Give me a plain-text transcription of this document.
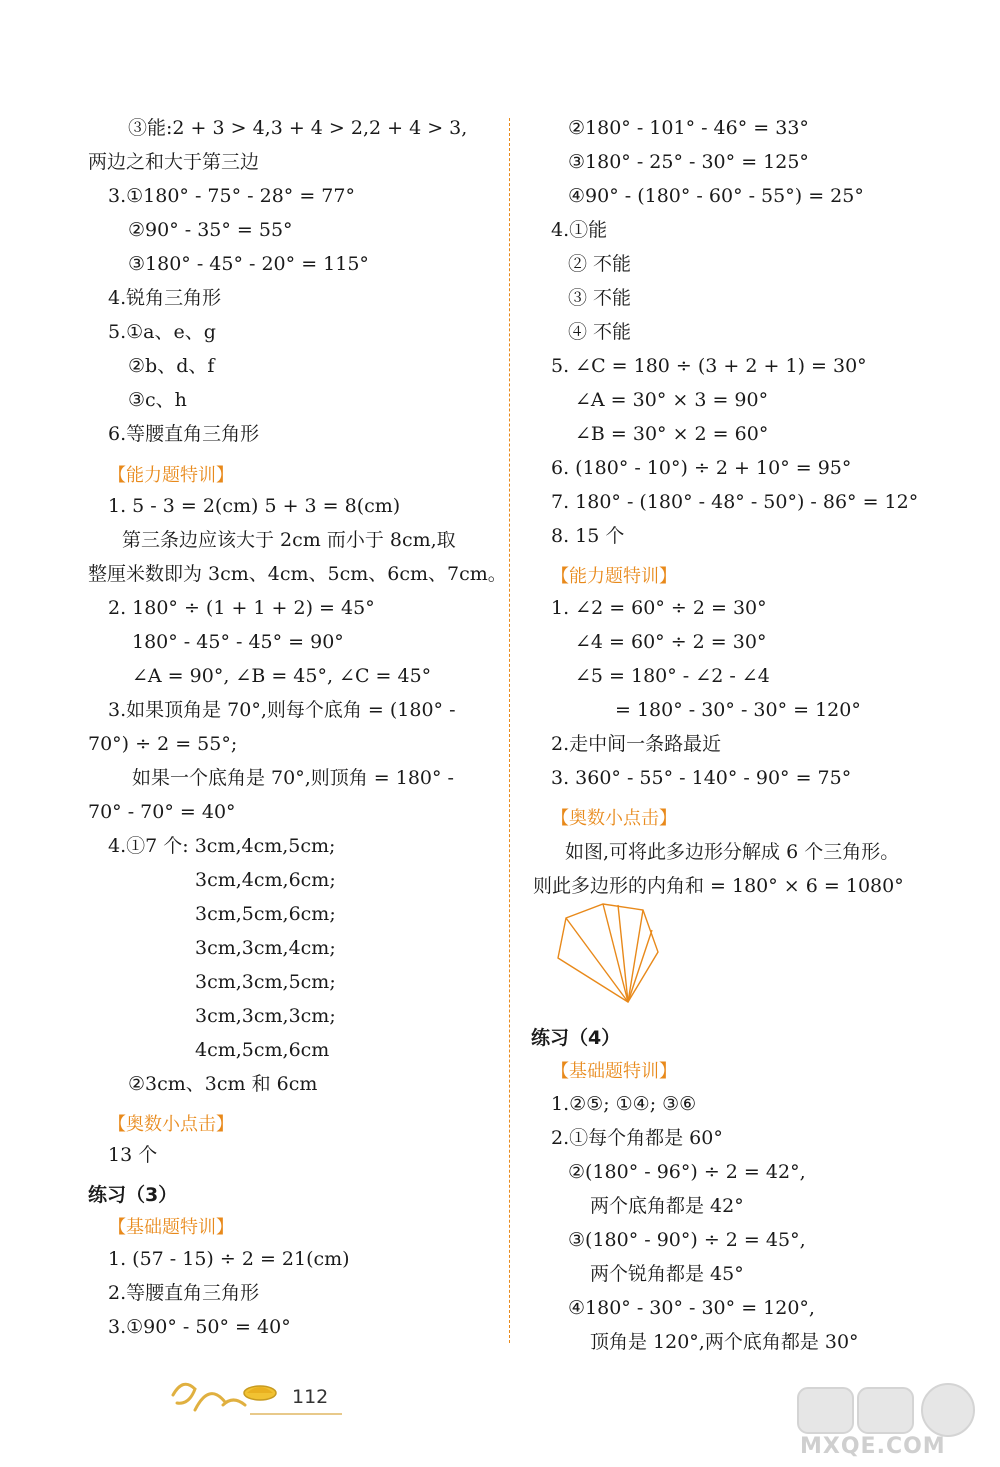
③能:2 + 3 > 4,3 + 4 > 2,2 + 4 > 3,
两边之和大于第三边
3.①180° - 75° - 28° = 77°
②90° - 35° = 55°
③180° - 45° - 20° = 115°
4.锐角三角形
5.①a、e、g
②b、d、f
③c、h
6.等腰直角三角形
【能力题特训】
1. 5 - 3 = 2(cm) 5 + 3 = 8(cm)
第三条边应该大于 2cm 而小于 8cm,取
整厘米数即为 3cm、4cm、5cm、6cm、7cm。
2. 180° ÷ (1 + 1 + 2) = 45°
180° - 45° - 45° = 90°
∠A = 90°, ∠B = 45°, ∠C = 45°
3.如果顶角是 70°,则每个底角 = (180° -
70°) ÷ 2 = 55°;
如果一个底角是 70°,则顶角 = 180° -
70° - 70° = 40°
4.①7 个: 3cm,4cm,5cm;
3cm,4cm,6cm;
3cm,5cm,6cm;
3cm,3cm,4cm;
3cm,3cm,5cm;
3cm,3cm,3cm;
4cm,5cm,6cm
②3cm、3cm 和 6cm
【奥数小点击】
13 个
练习（3）
【基础题特训】
1. (57 - 15) ÷ 2 = 21(cm)
2.等腰直角三角形
3.①90° - 50° = 40°
②180° - 101° - 46° = 33°
③180° - 25° - 30° = 125°
④90° - (180° - 60° - 55°) = 25°
4.①能
② 不能
③ 不能
④ 不能
5. ∠C = 180 ÷ (3 + 2 + 1) = 30°
∠A = 30° × 3 = 90°
∠B = 30° × 2 = 60°
6. (180° - 10°) ÷ 2 + 10° = 95°
7. 180° - (180° - 48° - 50°) - 86° = 12°
8. 15 个
【能力题特训】
1. ∠2 = 60° ÷ 2 = 30°
∠4 = 60° ÷ 2 = 30°
∠5 = 180° - ∠2 - ∠4
= 180° - 30° - 30° = 120°
2.走中间一条路最近
3. 360° - 55° - 140° - 90° = 75°
【奥数小点击】
如图,可将此多边形分解成 6 个三角形。
则此多边形的内角和 = 180° × 6 = 1080°
练习（4）
【基础题特训】
1.②⑤; ①④; ③⑥
2.①每个角都是 60°
②(180° - 96°) ÷ 2 = 42°,
两个底角都是 42°
③(180° - 90°) ÷ 2 = 45°,
两个锐角都是 45°
④180° - 30° - 30° = 120°,
顶角是 120°,两个底角都是 30°
112
MXQE.COM
